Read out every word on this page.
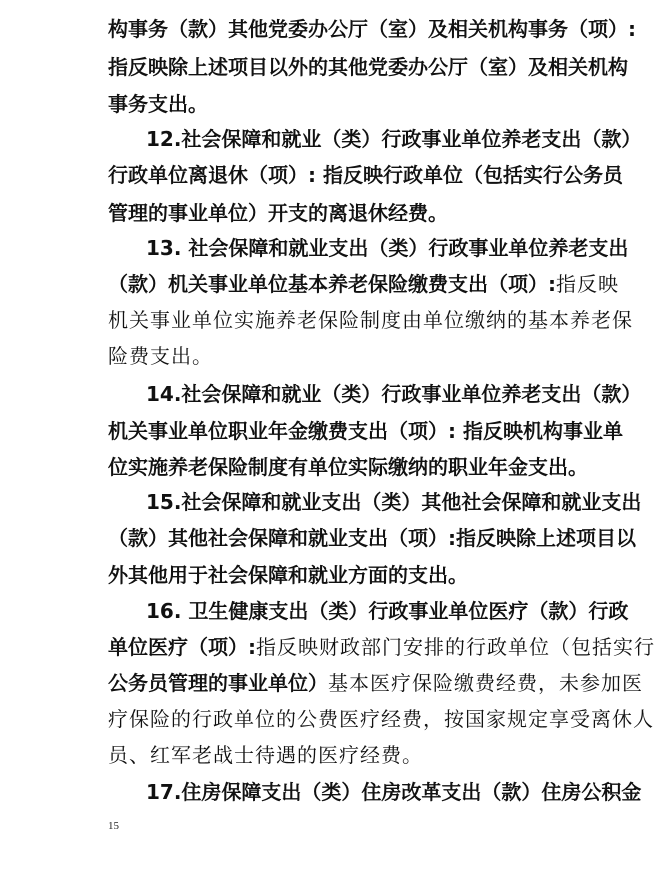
构事务（款）其他党委办公厅（室）及相关机构事务（项）:
指反映除上述项目以外的其他党委办公厅（室）及相关机构
事务支出。
12.社会保障和就业（类）行政事业单位养老支出（款）
行政单位离退休（项）: 指反映行政单位（包括实行公务员
管理的事业单位）开支的离退休经费。
13. 社会保障和就业支出（类）行政事业单位养老支出
（款）机关事业单位基本养老保险缴费支出（项）:指反映
机关事业单位实施养老保险制度由单位缴纳的基本养老保
险费支出。
14.社会保障和就业（类）行政事业单位养老支出（款）
机关事业单位职业年金缴费支出（项）: 指反映机构事业单
位实施养老保险制度有单位实际缴纳的职业年金支出。
15.社会保障和就业支出（类）其他社会保障和就业支出
（款）其他社会保障和就业支出（项）:指反映除上述项目以
外其他用于社会保障和就业方面的支出。
16. 卫生健康支出（类）行政事业单位医疗（款）行政
单位医疗（项）:指反映财政部门安排的行政单位（包括实行
公务员管理的事业单位）基本医疗保险缴费经费，未参加医
疗保险的行政单位的公费医疗经费，按国家规定享受离休人
员、红军老战士待遇的医疗经费。
17.住房保障支出（类）住房改革支出（款）住房公积金
15
